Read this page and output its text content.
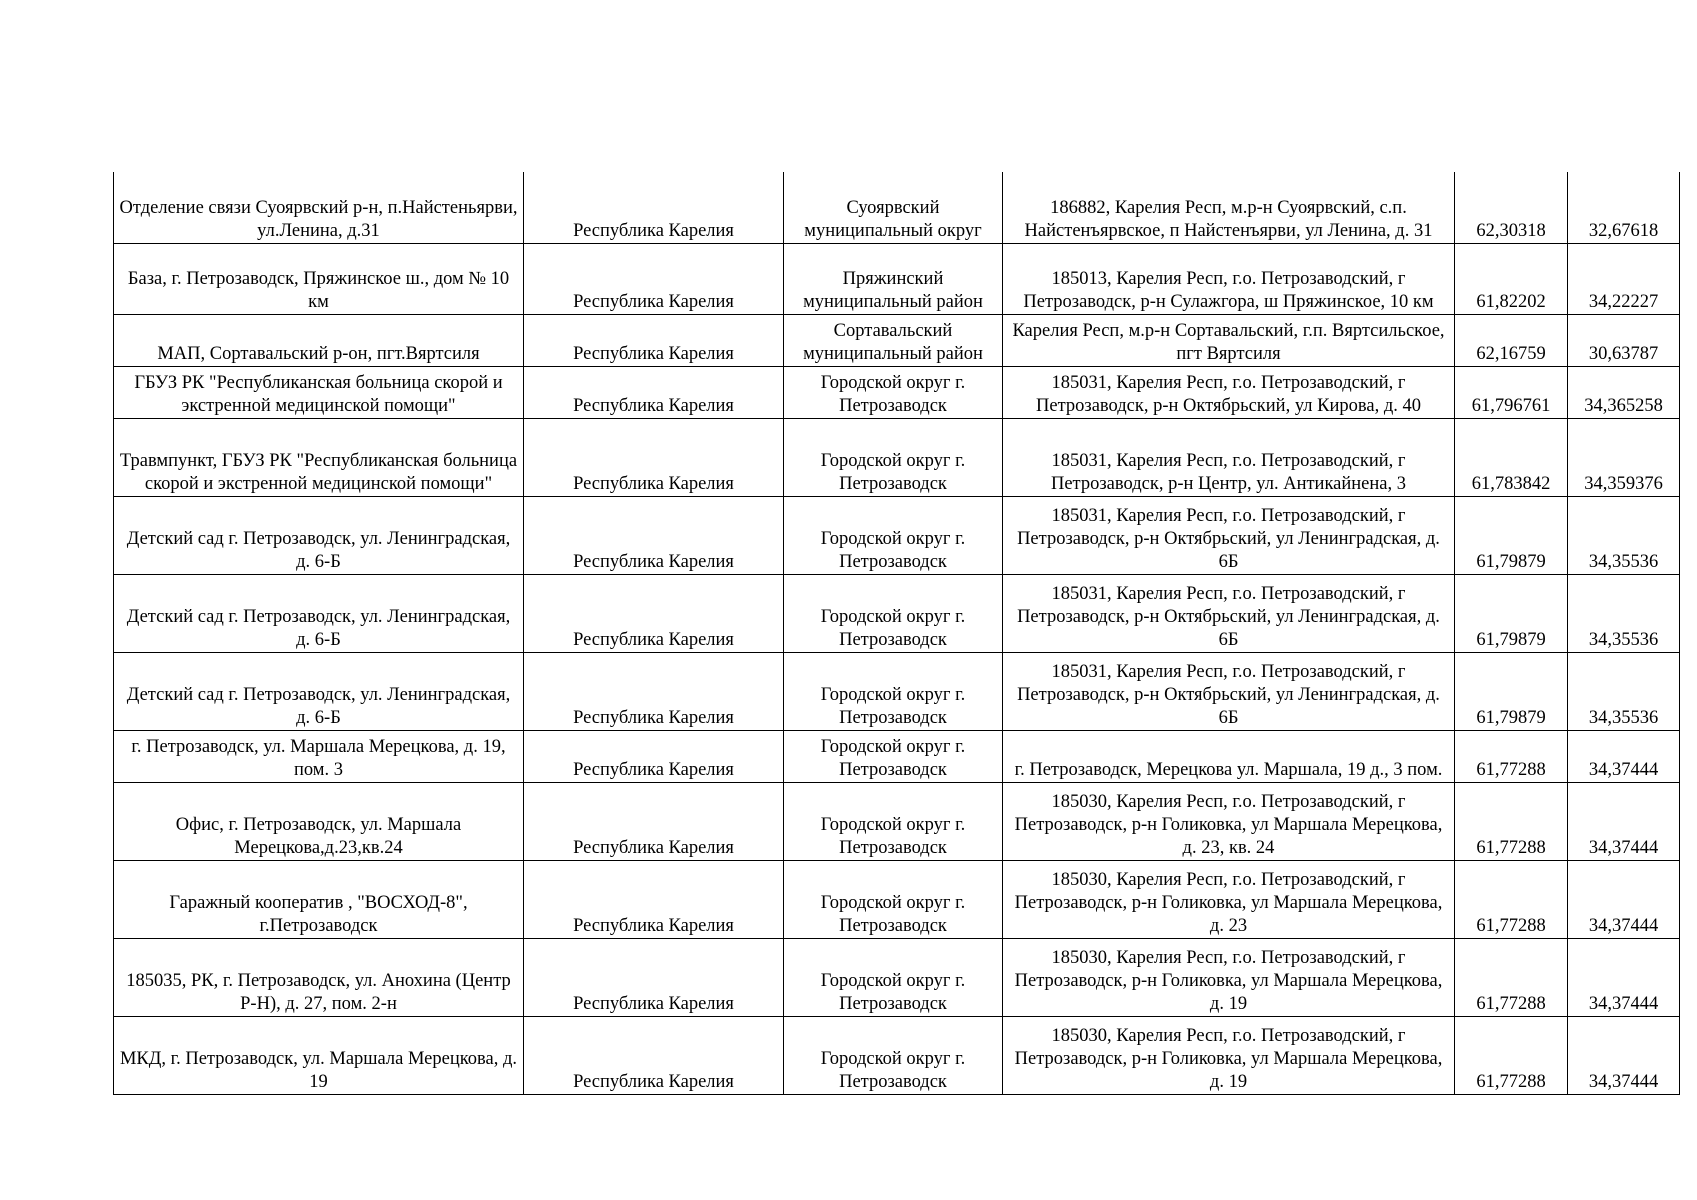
Отделение связи Суоярвский р-н, п.Найстеньярви, ул.Ленина, д.31	Республика Карелия	Суоярвский муниципальный округ	186882, Карелия Респ, м.р-н Суоярвский, с.п. Найстенъярвское, п Найстенъярви, ул Ленина, д. 31	62,30318	32,67618
База, г. Петрозаводск, Пряжинское ш., дом № 10 км	Республика Карелия	Пряжинский муниципальный район	185013, Карелия Респ, г.о. Петрозаводский, г Петрозаводск, р-н Сулажгора, ш Пряжинское, 10 км	61,82202	34,22227
МАП, Сортавальский р-он, пгт.Вяртсиля	Республика Карелия	Сортавальский муниципальный район	Карелия Респ, м.р-н Сортавальский, г.п. Вяртсильское, пгт Вяртсиля	62,16759	30,63787
ГБУЗ РК "Республиканская больница скорой и экстренной медицинской помощи"	Республика Карелия	Городской округ г. Петрозаводск	185031, Карелия Респ, г.о. Петрозаводский, г Петрозаводск, р-н Октябрьский, ул Кирова, д. 40	61,796761	34,365258
Травмпункт, ГБУЗ РК "Республиканская больница скорой и экстренной медицинской помощи"	Республика Карелия	Городской округ г. Петрозаводск	185031, Карелия Респ, г.о. Петрозаводский, г Петрозаводск, р-н Центр, ул. Антикайнена, 3	61,783842	34,359376
Детский сад г. Петрозаводск, ул. Ленинградская, д. 6-Б	Республика Карелия	Городской округ г. Петрозаводск	185031, Карелия Респ, г.о. Петрозаводский, г Петрозаводск, р-н Октябрьский, ул Ленинградская, д. 6Б	61,79879	34,35536
Детский сад г. Петрозаводск, ул. Ленинградская, д. 6-Б	Республика Карелия	Городской округ г. Петрозаводск	185031, Карелия Респ, г.о. Петрозаводский, г Петрозаводск, р-н Октябрьский, ул Ленинградская, д. 6Б	61,79879	34,35536
Детский сад г. Петрозаводск, ул. Ленинградская, д. 6-Б	Республика Карелия	Городской округ г. Петрозаводск	185031, Карелия Респ, г.о. Петрозаводский, г Петрозаводск, р-н Октябрьский, ул Ленинградская, д. 6Б	61,79879	34,35536
г. Петрозаводск, ул. Маршала Мерецкова, д. 19, пом. 3	Республика Карелия	Городской округ г. Петрозаводск	г. Петрозаводск, Мерецкова ул. Маршала, 19 д., 3 пом.	61,77288	34,37444
Офис, г. Петрозаводск, ул. Маршала Мерецкова,д.23,кв.24	Республика Карелия	Городской округ г. Петрозаводск	185030, Карелия Респ, г.о. Петрозаводский, г Петрозаводск, р-н Голиковка, ул Маршала Мерецкова, д. 23, кв. 24	61,77288	34,37444
Гаражный кооператив , "ВОСХОД-8", г.Петрозаводск	Республика Карелия	Городской округ г. Петрозаводск	185030, Карелия Респ, г.о. Петрозаводский, г Петрозаводск, р-н Голиковка, ул Маршала Мерецкова, д. 23	61,77288	34,37444
185035, РК, г. Петрозаводск, ул. Анохина (Центр Р-Н), д. 27, пом. 2-н	Республика Карелия	Городской округ г. Петрозаводск	185030, Карелия Респ, г.о. Петрозаводский, г Петрозаводск, р-н Голиковка, ул Маршала Мерецкова, д. 19	61,77288	34,37444
МКД, г. Петрозаводск, ул. Маршала Мерецкова, д. 19	Республика Карелия	Городской округ г. Петрозаводск	185030, Карелия Респ, г.о. Петрозаводский, г Петрозаводск, р-н Голиковка, ул Маршала Мерецкова, д. 19	61,77288	34,37444
